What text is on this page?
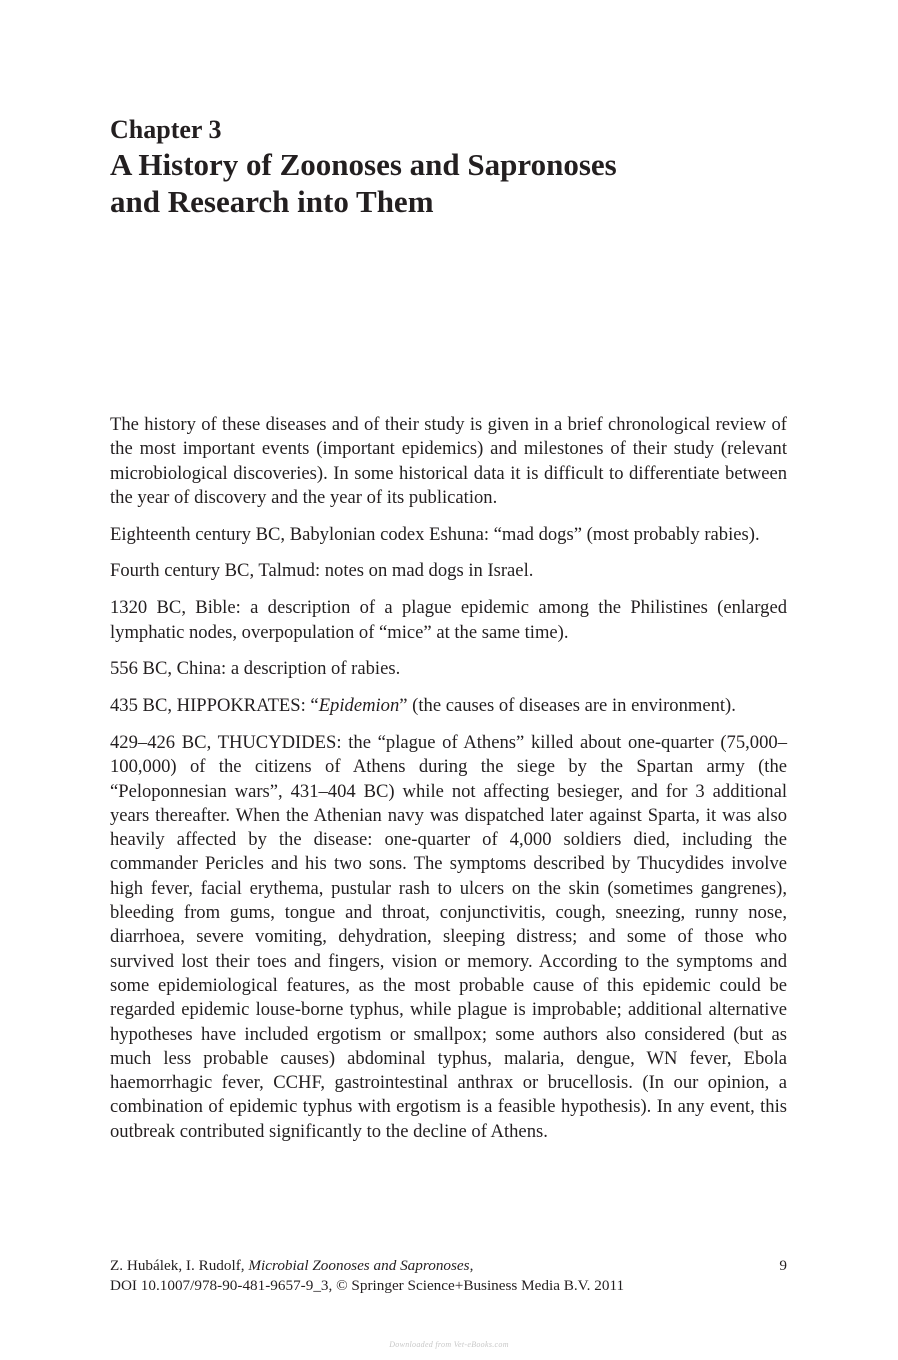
Chapter 3
A History of Zoonoses and Sapronoses
and Research into Them

The history of these diseases and of their study is given in a brief chronological review of the most important events (important epidemics) and milestones of their study (relevant microbiological discoveries). In some historical data it is difficult to differentiate between the year of discovery and the year of its publication.

Eighteenth century BC, Babylonian codex Eshuna: “mad dogs” (most probably rabies).

Fourth century BC, Talmud: notes on mad dogs in Israel.

1320 BC, Bible: a description of a plague epidemic among the Philistines (enlarged lymphatic nodes, overpopulation of “mice” at the same time).

556 BC, China: a description of rabies.

435 BC, HIPPOKRATES: “Epidemion” (the causes of diseases are in environment).

429–426 BC, THUCYDIDES: the “plague of Athens” killed about one-quarter (75,000–100,000) of the citizens of Athens during the siege by the Spartan army (the “Peloponnesian wars”, 431–404 BC) while not affecting besieger, and for 3 additional years thereafter. When the Athenian navy was dispatched later against Sparta, it was also heavily affected by the disease: one-quarter of 4,000 soldiers died, including the commander Pericles and his two sons. The symptoms described by Thucydides involve high fever, facial erythema, pustular rash to ulcers on the skin (sometimes gangrenes), bleeding from gums, tongue and throat, conjunctivitis, cough, sneezing, runny nose, diarrhoea, severe vomiting, dehydration, sleeping distress; and some of those who survived lost their toes and fingers, vision or memory. According to the symptoms and some epidemiological features, as the most probable cause of this epidemic could be regarded epidemic louse-borne typhus, while plague is improbable; additional alternative hypotheses have included ergotism or smallpox; some authors also considered (but as much less probable causes) abdominal typhus, malaria, dengue, WN fever, Ebola haemorrhagic fever, CCHF, gastrointestinal anthrax or brucellosis. (In our opinion, a combination of epidemic typhus with ergotism is a feasible hypothesis). In any event, this outbreak contributed significantly to the decline of Athens.

Z. Hubálek, I. Rudolf, Microbial Zoonoses and Sapronoses,
DOI 10.1007/978-90-481-9657-9_3, © Springer Science+Business Media B.V. 2011
9
Downloaded from Vet-eBooks.com
